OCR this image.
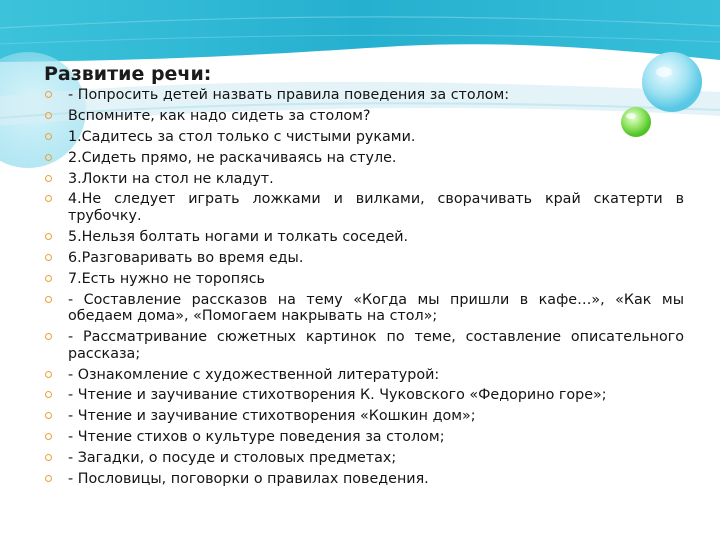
Развитие речи:
- Попросить детей назвать правила поведения за столом:
Вспомните, как надо сидеть за столом?
1.Садитесь за стол только с чистыми руками.
2.Сидеть прямо, не раскачиваясь на стуле.
3.Локти на стол не кладут.
4.Не следует играть ложками и вилками, сворачивать край скатерти в трубочку.
5.Нельзя болтать ногами и толкать соседей.
6.Разговаривать во время еды.
7.Есть нужно не торопясь
- Составление рассказов на тему «Когда мы пришли в кафе…», «Как мы обедаем дома», «Помогаем накрывать на стол»;
- Рассматривание сюжетных картинок по теме, составление описательного рассказа;
- Ознакомление с художественной литературой:
- Чтение и заучивание стихотворения К. Чуковского «Федорино горе»;
- Чтение и заучивание стихотворения «Кошкин дом»;
- Чтение стихов о культуре поведения за столом;
- Загадки, о посуде и столовых предметах;
- Пословицы, поговорки о правилах поведения.
